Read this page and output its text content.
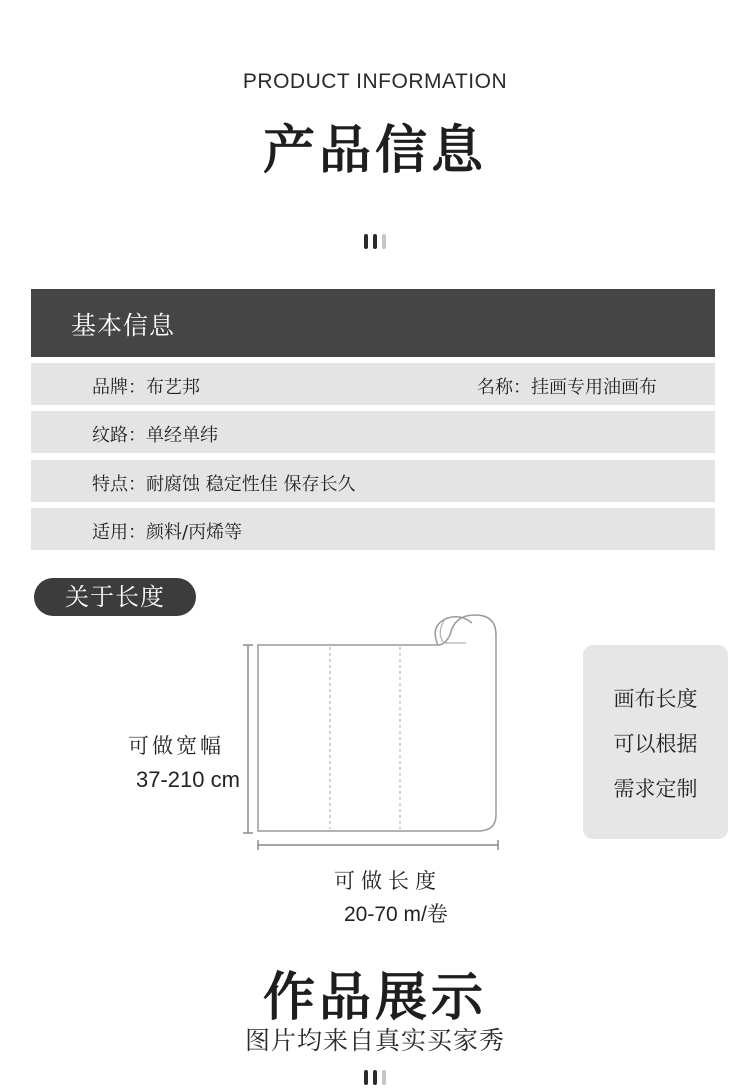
PRODUCT INFORMATION
产品信息
基本信息
品牌：布艺邦	名称：挂画专用油画布
纹路：单经单纬
特点：耐腐蚀 稳定性佳 保存长久
适用：颜料/丙烯等
关于长度
可做宽幅
37-210 cm
可做长度
20-70 m/卷
画布长度
可以根据
需求定制
作品展示
图片均来自真实买家秀
